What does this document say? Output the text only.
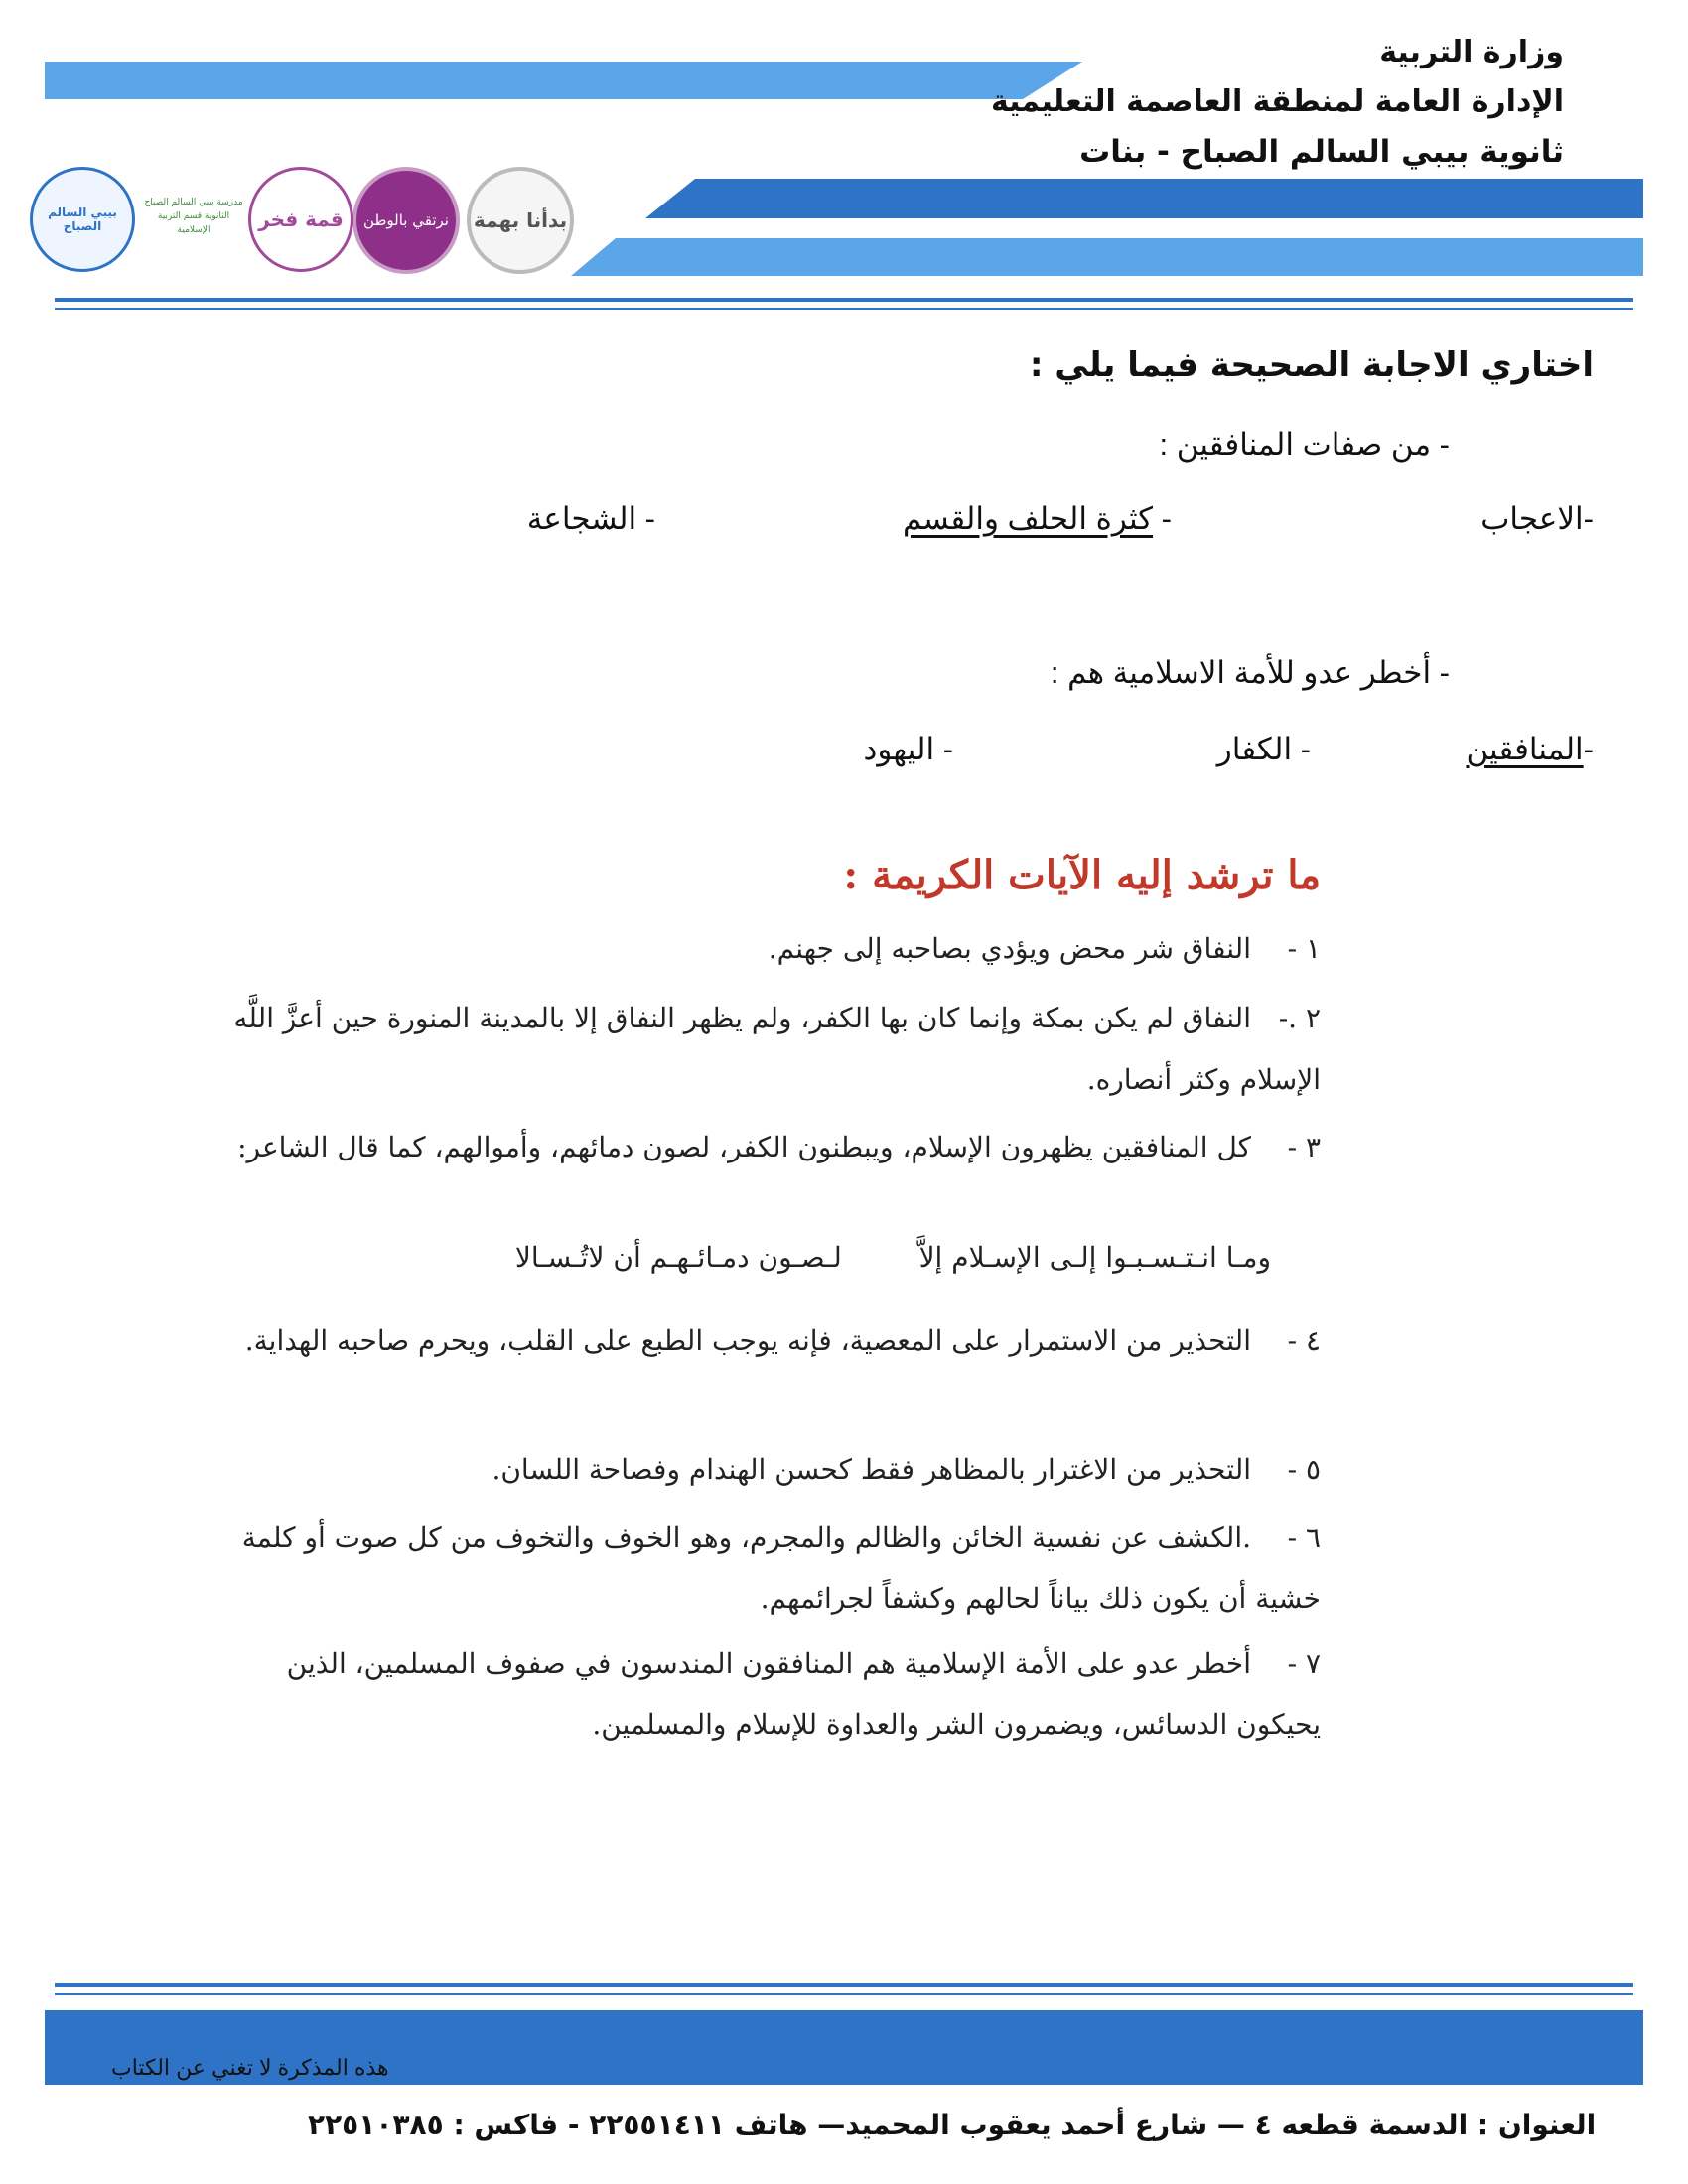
وزارة التربية
الإدارة العامة لمنطقة العاصمة التعليمية
ثانوية بيبي السالم الصباح - بنات
بدأنا بهمة
نرتقي بالوطن
قمة فخر
مدرسة بيبي السالم الصباح الثانوية قسم التربية الإسلامية
بيبي السالم الصباح
اختاري الاجابة الصحيحة فيما يلي :
- من صفات المنافقين :
-الاعجاب
- كثرة الحلف والقسم
- الشجاعة
- أخطر عدو للأمة الاسلامية هم :
-المنافقين
- الكفار
- اليهود
ما ترشد إليه الآيات الكريمة :
١ -النفاق شر محض ويؤدي بصاحبه إلى جهنم.
٢ .-النفاق لم يكن بمكة وإنما كان بها الكفر، ولم يظهر النفاق إلا بالمدينة المنورة حين أعزَّ اللَّه الإسلام وكثر أنصاره.
٣ -كل المنافقين يظهرون الإسلام، ويبطنون الكفر، لصون دمائهم، وأموالهم، كما قال الشاعر:
ومـا انـتـسـبـوا إلـى الإسـلام إلاَّ  لـصـون دمـائـهـم أن لاتُـسـالا
٤ -التحذير من الاستمرار على المعصية، فإنه يوجب الطبع على القلب، ويحرم صاحبه الهداية.
٥ -التحذير من الاغترار بالمظاهر فقط كحسن الهندام وفصاحة اللسان.
٦ -.الكشف عن نفسية الخائن والظالم والمجرم، وهو الخوف والتخوف من كل صوت أو كلمة خشية أن يكون ذلك بياناً لحالهم وكشفاً لجرائمهم.
٧ -أخطر عدو على الأمة الإسلامية هم المنافقون المندسون في صفوف المسلمين، الذين يحيكون الدسائس، ويضمرون الشر والعداوة للإسلام والمسلمين.
هذه المذكرة لا تغني عن الكتاب
العنوان : الدسمة قطعه ٤ — شارع أحمد يعقوب المحميد— هاتف ٢٢٥٥١٤١١ - فاكس : ٢٢٥١٠٣٨٥
